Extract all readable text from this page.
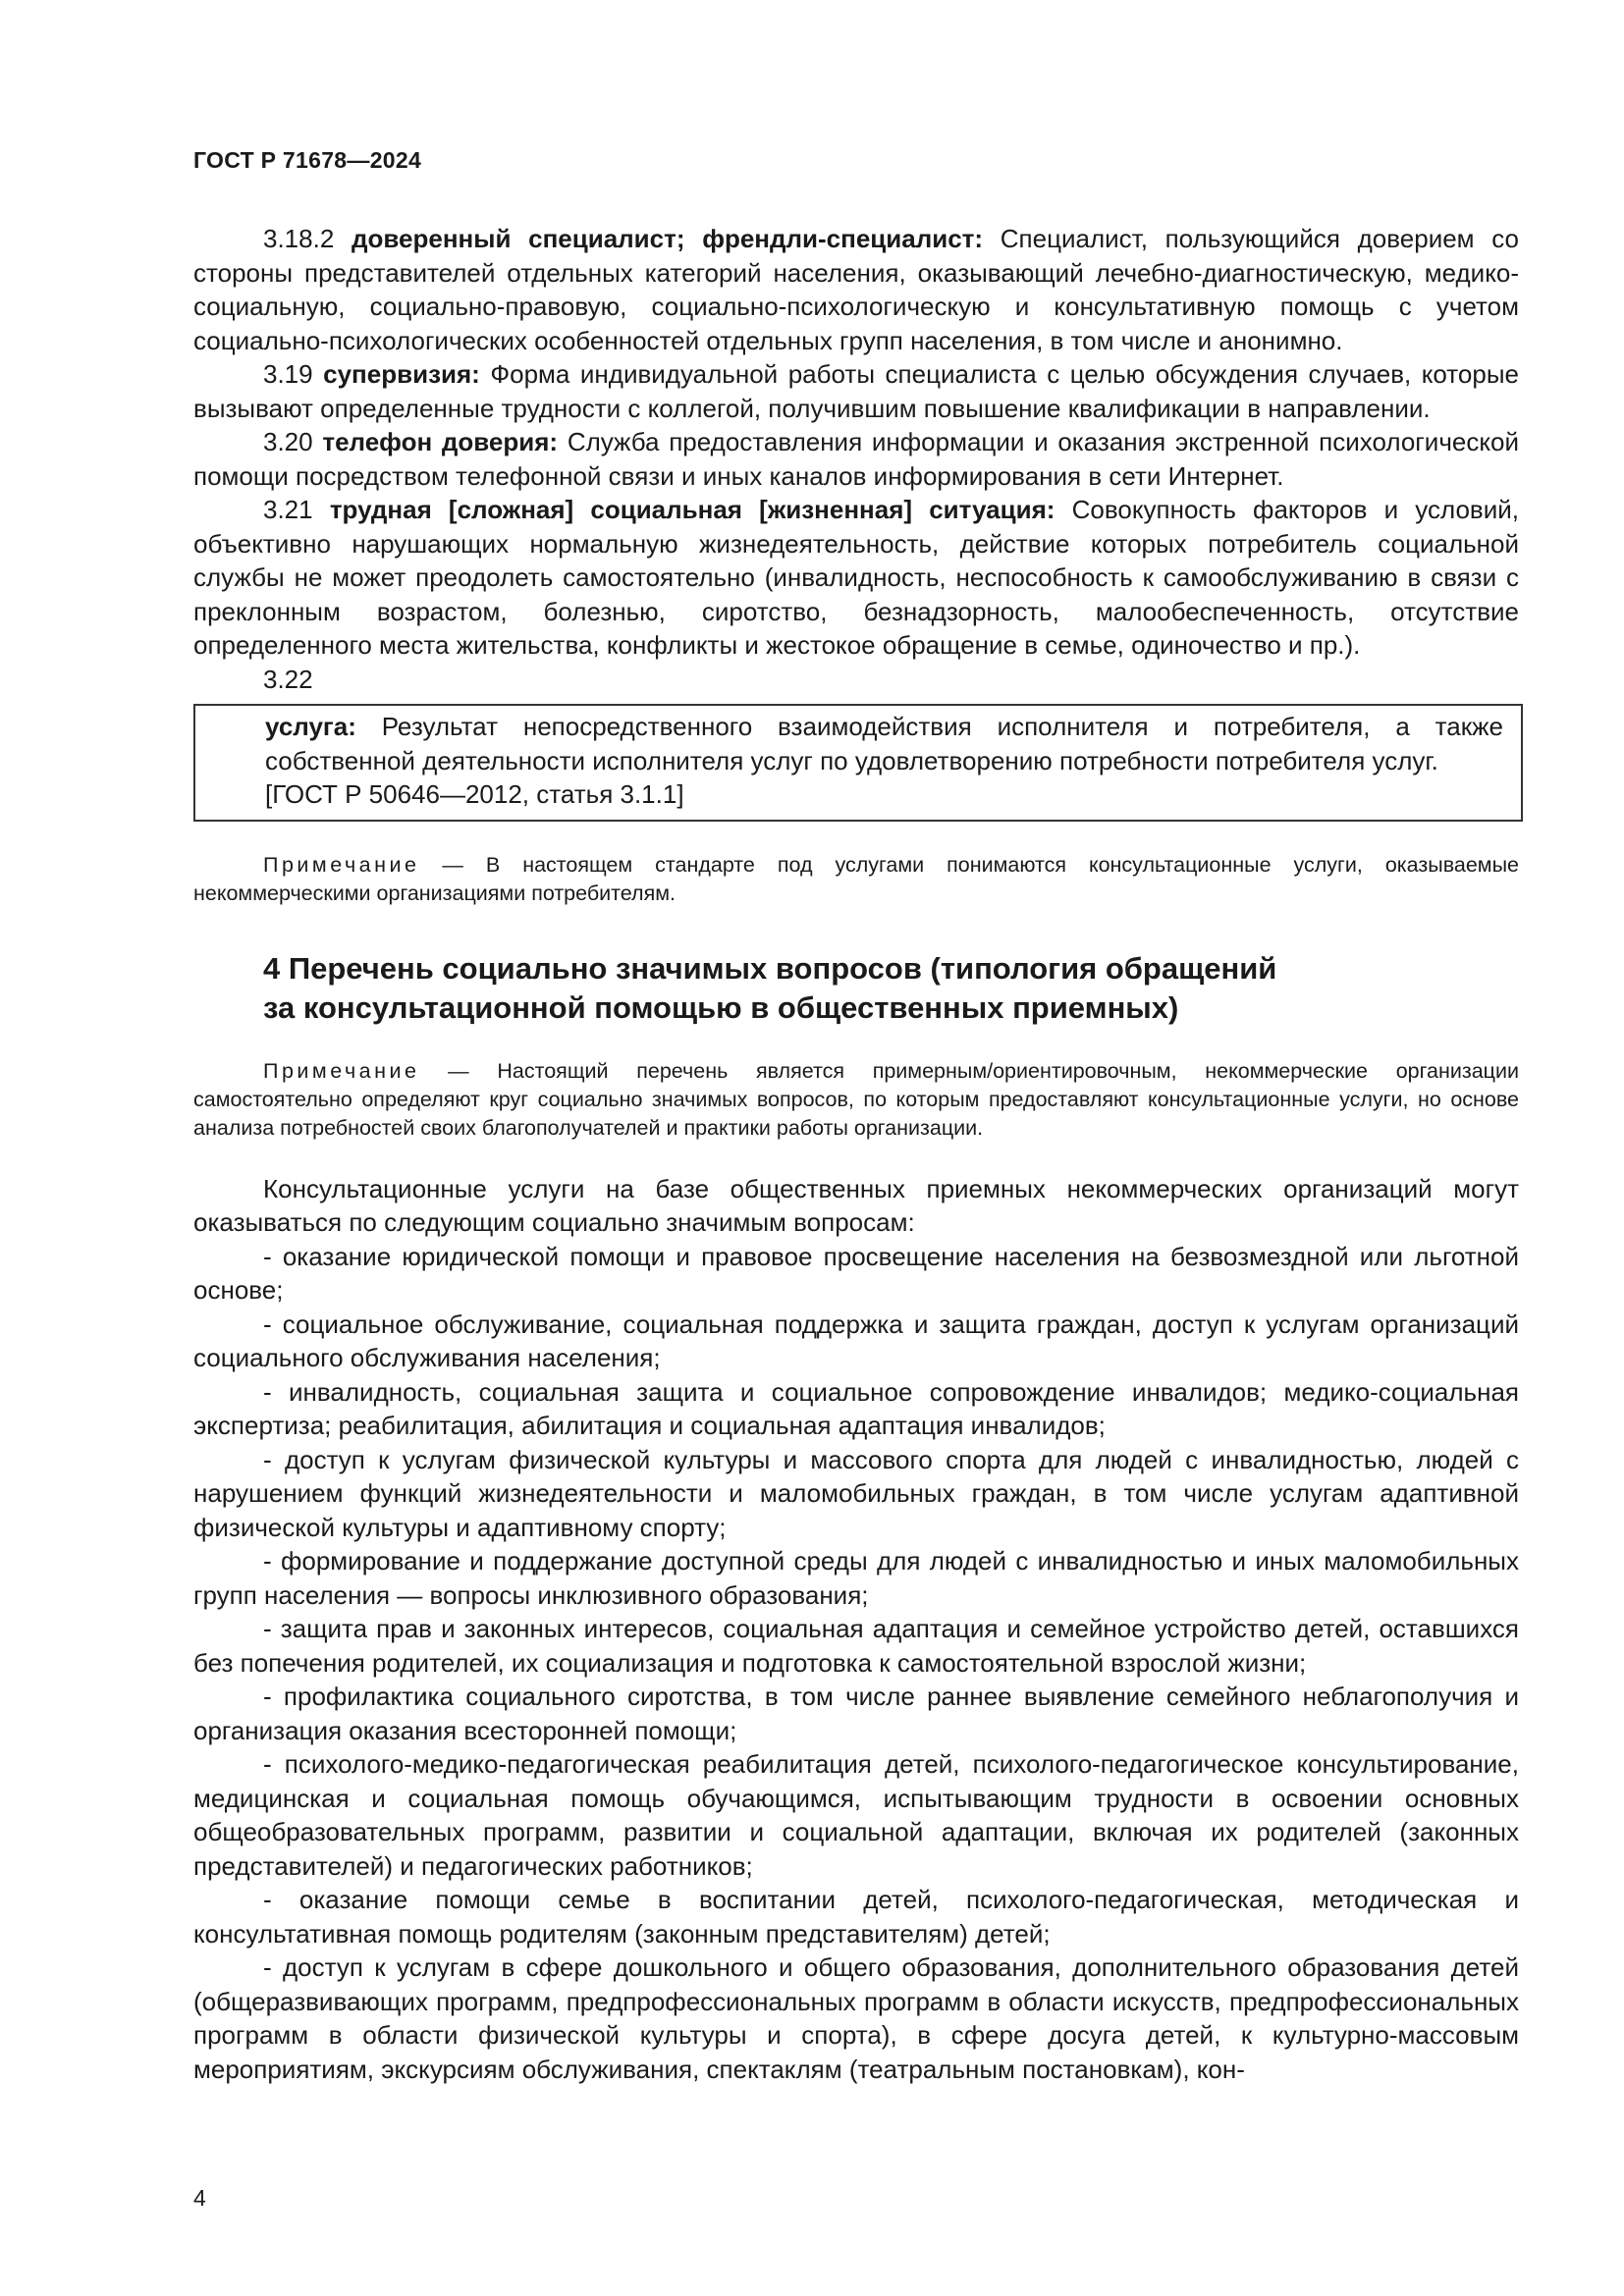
ГОСТ Р 71678—2024

3.18.2 доверенный специалист; френдли-специалист: Специалист, пользующийся доверием со стороны представителей отдельных категорий населения, оказывающий лечебно-диагностическую, медико-социальную, социально-правовую, социально-психологическую и консультативную помощь с учетом социально-психологических особенностей отдельных групп населения, в том числе и анонимно.

3.19 супервизия: Форма индивидуальной работы специалиста с целью обсуждения случаев, которые вызывают определенные трудности с коллегой, получившим повышение квалификации в направлении.

3.20 телефон доверия: Служба предоставления информации и оказания экстренной психологической помощи посредством телефонной связи и иных каналов информирования в сети Интернет.

3.21 трудная [сложная] социальная [жизненная] ситуация: Совокупность факторов и условий, объективно нарушающих нормальную жизнедеятельность, действие которых потребитель социальной службы не может преодолеть самостоятельно (инвалидность, неспособность к самообслуживанию в связи с преклонным возрастом, болезнью, сиротство, безнадзорность, малообеспеченность, отсутствие определенного места жительства, конфликты и жестокое обращение в семье, одиночество и пр.).

3.22

услуга: Результат непосредственного взаимодействия исполнителя и потребителя, а также собственной деятельности исполнителя услуг по удовлетворению потребности потребителя услуг.

[ГОСТ Р 50646—2012, статья 3.1.1]

Примечание — В настоящем стандарте под услугами понимаются консультационные услуги, оказываемые некоммерческими организациями потребителям.

4 Перечень социально значимых вопросов (типология обращений
за консультационной помощью в общественных приемных)

Примечание — Настоящий перечень является примерным/ориентировочным, некоммерческие организации самостоятельно определяют круг социально значимых вопросов, по которым предоставляют консультационные услуги, но основе анализа потребностей своих благополучателей и практики работы организации.

Консультационные услуги на базе общественных приемных некоммерческих организаций могут оказываться по следующим социально значимым вопросам:

- оказание юридической помощи и правовое просвещение населения на безвозмездной или льготной основе;

- социальное обслуживание, социальная поддержка и защита граждан, доступ к услугам организаций социального обслуживания населения;

- инвалидность, социальная защита и социальное сопровождение инвалидов; медико-социальная экспертиза; реабилитация, абилитация и социальная адаптация инвалидов;

- доступ к услугам физической культуры и массового спорта для людей с инвалидностью, людей с нарушением функций жизнедеятельности и маломобильных граждан, в том числе услугам адаптивной физической культуры и адаптивному спорту;

- формирование и поддержание доступной среды для людей с инвалидностью и иных маломобильных групп населения — вопросы инклюзивного образования;

- защита прав и законных интересов, социальная адаптация и семейное устройство детей, оставшихся без попечения родителей, их социализация и подготовка к самостоятельной взрослой жизни;

- профилактика социального сиротства, в том числе раннее выявление семейного неблагополучия и организация оказания всесторонней помощи;

- психолого-медико-педагогическая реабилитация детей, психолого-педагогическое консультирование, медицинская и социальная помощь обучающимся, испытывающим трудности в освоении основных общеобразовательных программ, развитии и социальной адаптации, включая их родителей (законных представителей) и педагогических работников;

- оказание помощи семье в воспитании детей, психолого-педагогическая, методическая и консультативная помощь родителям (законным представителям) детей;

- доступ к услугам в сфере дошкольного и общего образования, дополнительного образования детей (общеразвивающих программ, предпрофессиональных программ в области искусств, предпрофессиональных программ в области физической культуры и спорта), в сфере досуга детей, к культурно-массовым мероприятиям, экскурсиям обслуживания, спектаклям (театральным постановкам), кон-

4
